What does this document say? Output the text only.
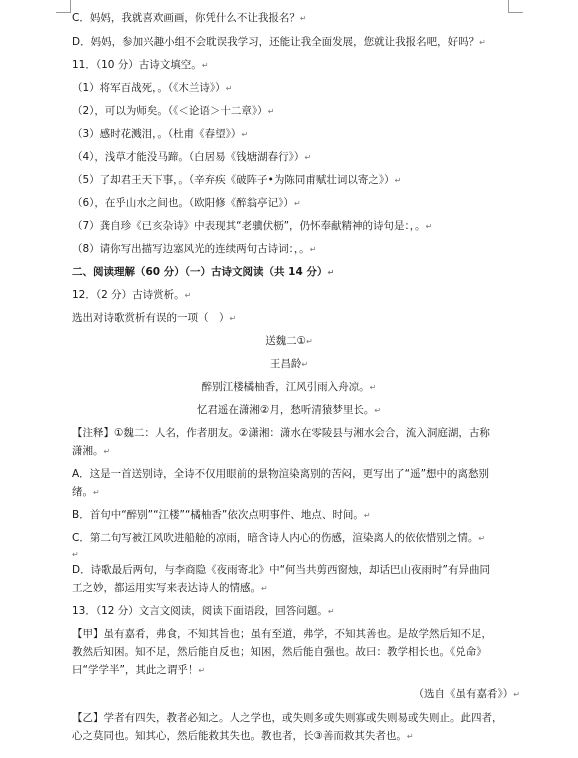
C．妈妈，我就喜欢画画，你凭什么不让我报名？↵
D．妈妈，参加兴趣小组不会耽误我学习，还能让我全面发展，您就让我报名吧，好吗？↵
11．（10 分）古诗文填空。↵
（1）将军百战死，。（《木兰诗》）↵
（2），可以为师矣。（《＜论语＞十二章》）↵
（3）感时花溅泪，。（杜甫《春望》）↵
（4），浅草才能没马蹄。（白居易《钱塘湖春行》）↵
（5）了却君王天下事，。（辛弃疾《破阵子•为陈同甫赋壮词以寄之》）↵
（6），在乎山水之间也。（欧阳修《醉翁亭记》）↵
（7）龚自珍《已亥杂诗》中表现其“老骥伏枥”，仍怀奉献精神的诗句是：，。↵
（8）请你写出描写边塞风光的连续两句古诗词：，。↵
二、阅读理解（60 分）（一）古诗文阅读（共 14 分）↵
12．（2 分）古诗赏析。↵
选出对诗歌赏析有误的一项（　）↵
送魏二①↵
王昌龄↵
醉别江楼橘柚香，江风引雨入舟凉。↵
忆君遥在潇湘②月，愁听清猿梦里长。↵
【注释】①魏二：人名，作者朋友。②潇湘：潇水在零陵县与湘水会合，流入洞庭湖，古称
潇湘。↵
A．这是一首送别诗，全诗不仅用眼前的景物渲染离别的苦闷，更写出了“遥”想中的离愁别
绪。↵
B．首句中“醉别”“江楼”“橘柚香”依次点明事件、地点、时间。↵
C．第二句写被江风吹进船舱的凉雨，暗含诗人内心的伤感，渲染离人的依依惜别之情。↵
↵
D．诗歌最后两句，与李商隐《夜雨寄北》中“何当共剪西窗烛，却话巴山夜雨时”有异曲同
工之妙，都运用实写来表达诗人的情感。↵
13．（12 分）文言文阅读，阅读下面语段，回答问题。↵
【甲】虽有嘉肴，弗食，不知其旨也；虽有至道，弗学，不知其善也。是故学然后知不足，
教然后知困。知不足，然后能自反也；知困，然后能自强也。故曰：教学相长也。《兑命》
曰“学学半”，其此之谓乎！↵
（选自《虽有嘉肴》）↵
【乙】学者有四失，教者必知之。人之学也，或失则多或失则寡或失则易或失则止。此四者，
心之莫同也。知其心，然后能救其失也。教也者，长③善而救其失者也。↵
